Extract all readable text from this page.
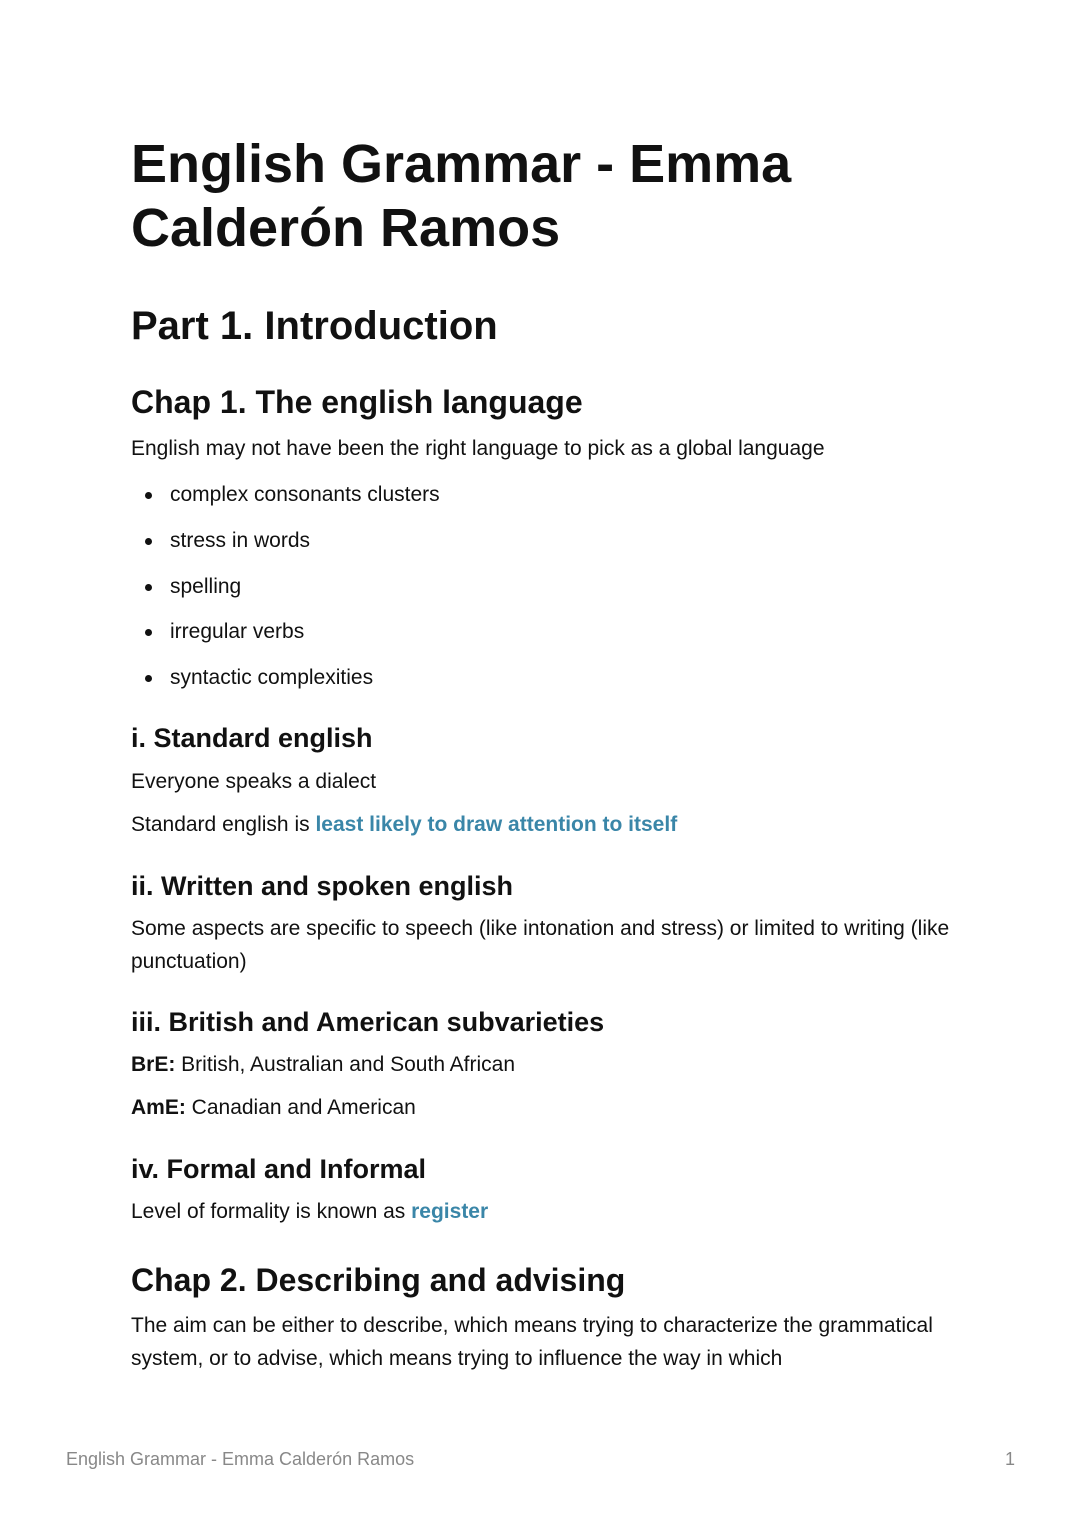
English Grammar - Emma Calderón Ramos
Part 1. Introduction
Chap 1. The english language

English may not have been the right language to pick as a global language

complex consonants clusters
stress in words
spelling
irregular verbs
syntactic complexities
i. Standard english

Everyone speaks a dialect

Standard english is least likely to draw attention to itself

ii. Written and spoken english

Some aspects are specific to speech (like intonation and stress) or limited to writing (like punctuation)

iii. British and American subvarieties

BrE: British, Australian and South African

AmE: Canadian and American

iv. Formal and Informal

Level of formality is known as register

Chap 2. Describing and advising

The aim can be either to describe, which means trying to characterize the grammatical system, or to advise, which means trying to influence the way in which

English Grammar - Emma Calderón Ramos	1
